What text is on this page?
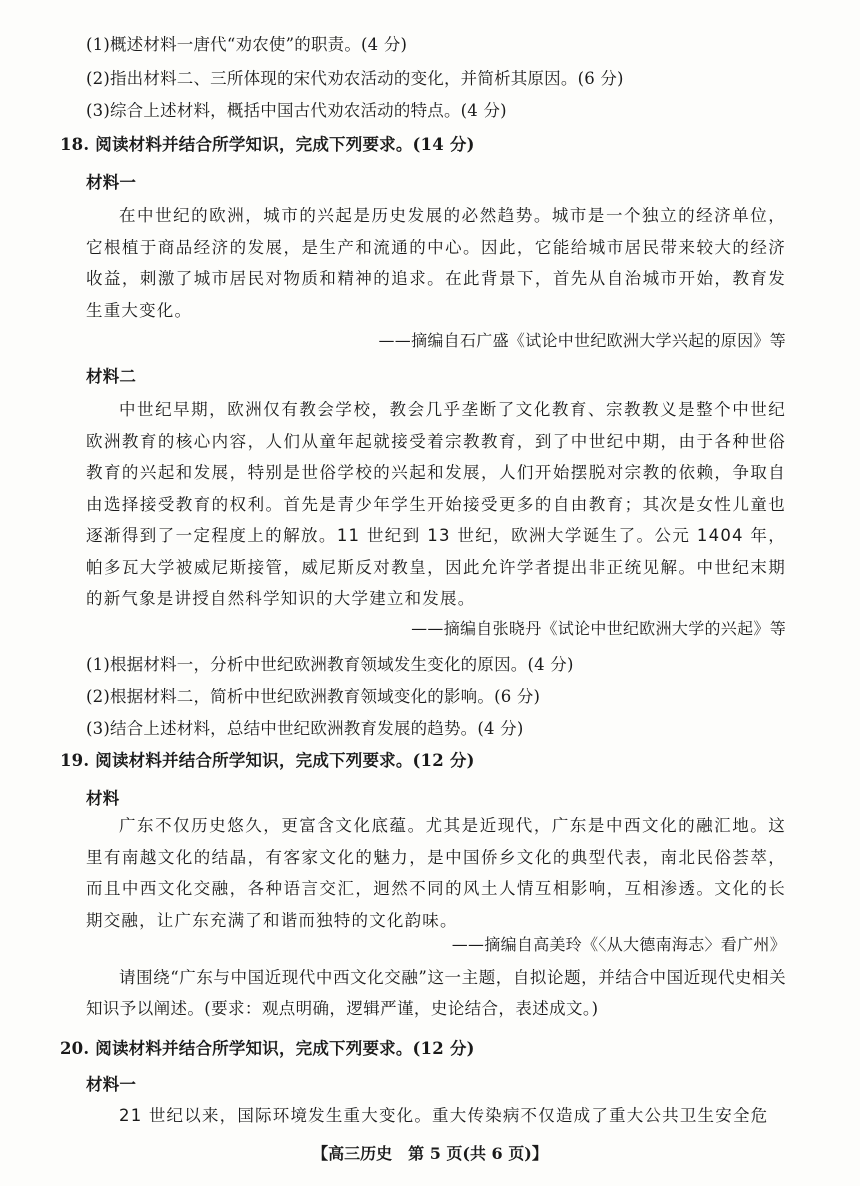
(1)概述材料一唐代“劝农使”的职责。(4 分)
(2)指出材料二、三所体现的宋代劝农活动的变化，并简析其原因。(6 分)
(3)综合上述材料，概括中国古代劝农活动的特点。(4 分)
18. 阅读材料并结合所学知识，完成下列要求。(14 分)
材料一
在中世纪的欧洲，城市的兴起是历史发展的必然趋势。城市是一个独立的经济单位，它根植于商品经济的发展，是生产和流通的中心。因此，它能给城市居民带来较大的经济收益，刺激了城市居民对物质和精神的追求。在此背景下，首先从自治城市开始，教育发生重大变化。
——摘编自石广盛《试论中世纪欧洲大学兴起的原因》等
材料二
中世纪早期，欧洲仅有教会学校，教会几乎垄断了文化教育、宗教教义是整个中世纪欧洲教育的核心内容，人们从童年起就接受着宗教教育，到了中世纪中期，由于各种世俗教育的兴起和发展，特别是世俗学校的兴起和发展，人们开始摆脱对宗教的依赖，争取自由选择接受教育的权利。首先是青少年学生开始接受更多的自由教育；其次是女性儿童也逐渐得到了一定程度上的解放。11 世纪到 13 世纪，欧洲大学诞生了。公元 1404 年，帕多瓦大学被威尼斯接管，威尼斯反对教皇，因此允许学者提出非正统见解。中世纪末期的新气象是讲授自然科学知识的大学建立和发展。
——摘编自张晓丹《试论中世纪欧洲大学的兴起》等
(1)根据材料一，分析中世纪欧洲教育领域发生变化的原因。(4 分)
(2)根据材料二，简析中世纪欧洲教育领域变化的影响。(6 分)
(3)结合上述材料，总结中世纪欧洲教育发展的趋势。(4 分)
19. 阅读材料并结合所学知识，完成下列要求。(12 分)
材料
广东不仅历史悠久，更富含文化底蕴。尤其是近现代，广东是中西文化的融汇地。这里有南越文化的结晶，有客家文化的魅力，是中国侨乡文化的典型代表，南北民俗荟萃，而且中西文化交融，各种语言交汇，迥然不同的风土人情互相影响，互相渗透。文化的长期交融，让广东充满了和谐而独特的文化韵味。
——摘编自高美玲《〈从大德南海志〉看广州》
请围绕“广东与中国近现代中西文化交融”这一主题，自拟论题，并结合中国近现代史相关知识予以阐述。(要求：观点明确，逻辑严谨，史论结合，表述成文。)
20. 阅读材料并结合所学知识，完成下列要求。(12 分)
材料一
21 世纪以来，国际环境发生重大变化。重大传染病不仅造成了重大公共卫生安全危
【高三历史　第 5 页(共 6 页)】
